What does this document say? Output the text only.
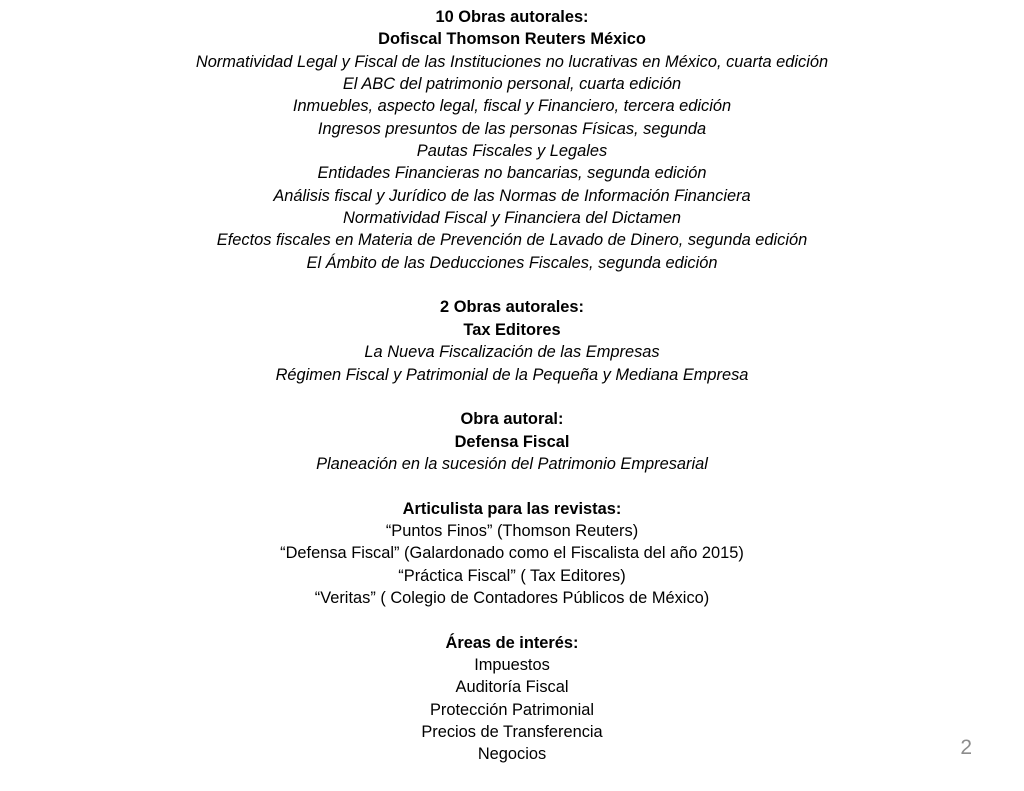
10 Obras autorales:
Dofiscal Thomson Reuters México
Normatividad Legal y Fiscal de las Instituciones no lucrativas en México, cuarta edición
El ABC del patrimonio personal, cuarta edición
Inmuebles, aspecto legal, fiscal y Financiero, tercera edición
Ingresos presuntos de las personas Físicas, segunda
Pautas Fiscales y Legales
Entidades Financieras no bancarias, segunda edición
Análisis fiscal y Jurídico de las Normas de Información Financiera
Normatividad Fiscal y Financiera del Dictamen
Efectos fiscales en Materia de Prevención de Lavado de Dinero, segunda edición
El Ámbito de las Deducciones Fiscales, segunda edición
2 Obras autorales:
Tax Editores
La Nueva Fiscalización de las Empresas
Régimen Fiscal y Patrimonial de la Pequeña y Mediana Empresa
Obra autoral:
Defensa Fiscal
Planeación en la sucesión del Patrimonio Empresarial
Articulista para las revistas:
“Puntos Finos” (Thomson Reuters)
“Defensa Fiscal” (Galardonado como el Fiscalista del año 2015)
“Práctica Fiscal” ( Tax Editores)
“Veritas” ( Colegio de Contadores Públicos de México)
Áreas de interés:
Impuestos
Auditoría Fiscal
Protección Patrimonial
Precios de Transferencia
Negocios	2
